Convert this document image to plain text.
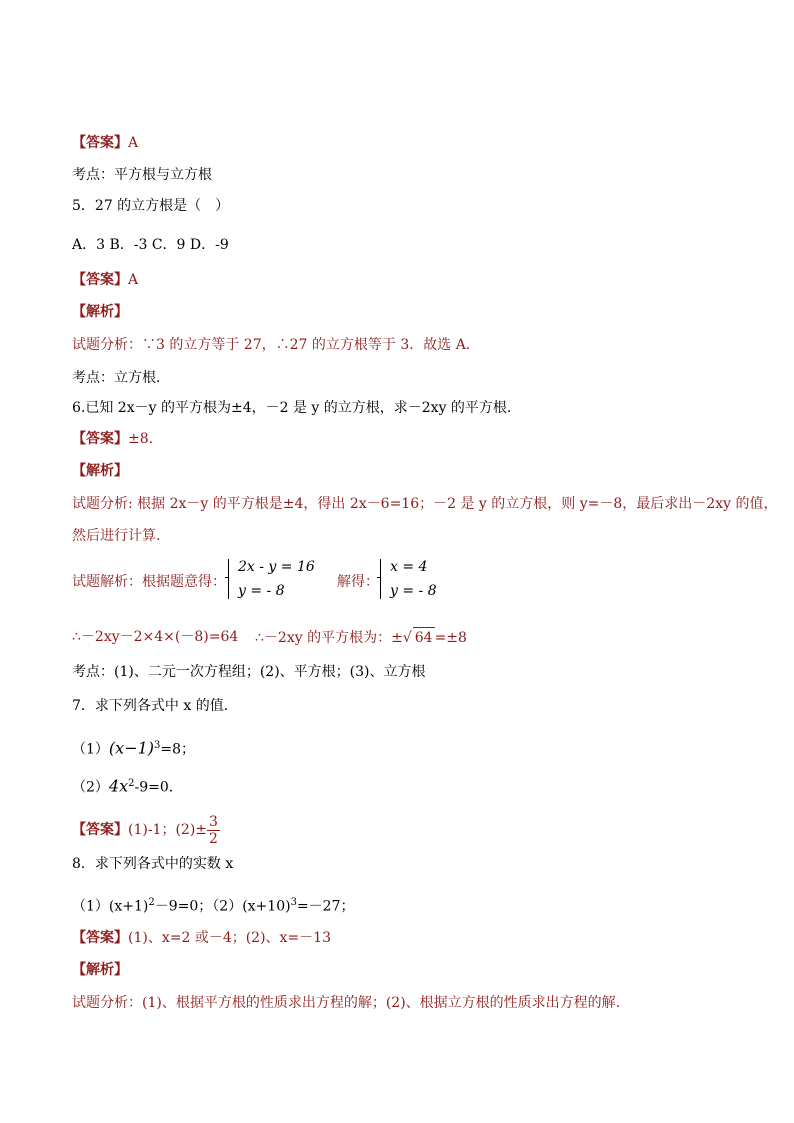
【答案】A
考点：平方根与立方根
5．27 的立方根是（　）
A．3 B．-3 C．9 D．-9
【答案】A
【解析】
试题分析：∵3 的立方等于 27，∴27 的立方根等于 3．故选 A．
考点：立方根．
6.已知 2x－y 的平方根为±4，－2 是 y 的立方根，求－2xy 的平方根.
【答案】±8.
【解析】
试题分析: 根据 2x－y 的平方根是±4，得出 2x－6=16；－2 是 y 的立方根，则 y=－8，最后求出－2xy 的值，
然后进行计算.
试题解析：根据题意得：
2x - y = 16
y = - 8
解得：
x = 4
y = - 8
∴－2xy－2×4×(－8)=64 ∴－2xy 的平方根为：±√ 64 =±8
考点：(1)、二元一次方程组；(2)、平方根；(3)、立方根
7．求下列各式中 x 的值．
$(1)(x-1)^3=8$；
$(2)4x^2-9=0$．
【答案】(1)-1；$(2)\pm \frac{3}{2}$
8．求下列各式中的实数 x
$(1)(x+1)^2-9=0$；$(2)(x+10)^3=-27$；
【答案】(1)、x=2 或－4；(2)、x=－13
【解析】
试题分析：(1)、根据平方根的性质求出方程的解；(2)、根据立方根的性质求出方程的解.
